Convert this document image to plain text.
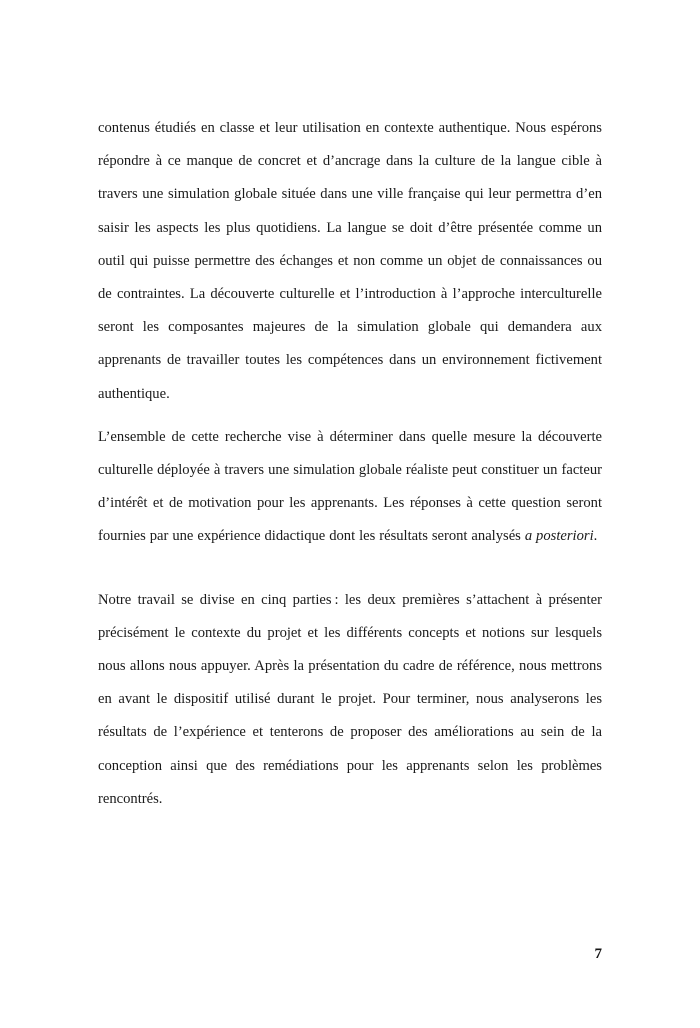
contenus étudiés en classe et leur utilisation en contexte authentique. Nous espérons répondre à ce manque de concret et d’ancrage dans la culture de la langue cible à travers une simulation globale située dans une ville française qui leur permettra d’en saisir les aspects les plus quotidiens. La langue se doit d’être présentée comme un outil qui puisse permettre des échanges et non comme un objet de connaissances ou de contraintes. La découverte culturelle et l’introduction à l’approche interculturelle seront les composantes majeures de la simulation globale qui demandera aux apprenants de travailler toutes les compétences dans un environnement fictivement authentique.

L’ensemble de cette recherche vise à déterminer dans quelle mesure la découverte culturelle déployée à travers une simulation globale réaliste peut constituer un facteur d’intérêt et de motivation pour les apprenants. Les réponses à cette question seront fournies par une expérience didactique dont les résultats seront analysés a posteriori.

Notre travail se divise en cinq parties : les deux premières s’attachent à présenter précisément le contexte du projet et les différents concepts et notions sur lesquels nous allons nous appuyer. Après la présentation du cadre de référence, nous mettrons en avant le dispositif utilisé durant le projet. Pour terminer, nous analyserons les résultats de l’expérience et tenterons de proposer des améliorations au sein de la conception ainsi que des remédiations pour les apprenants selon les problèmes rencontrés.

7
